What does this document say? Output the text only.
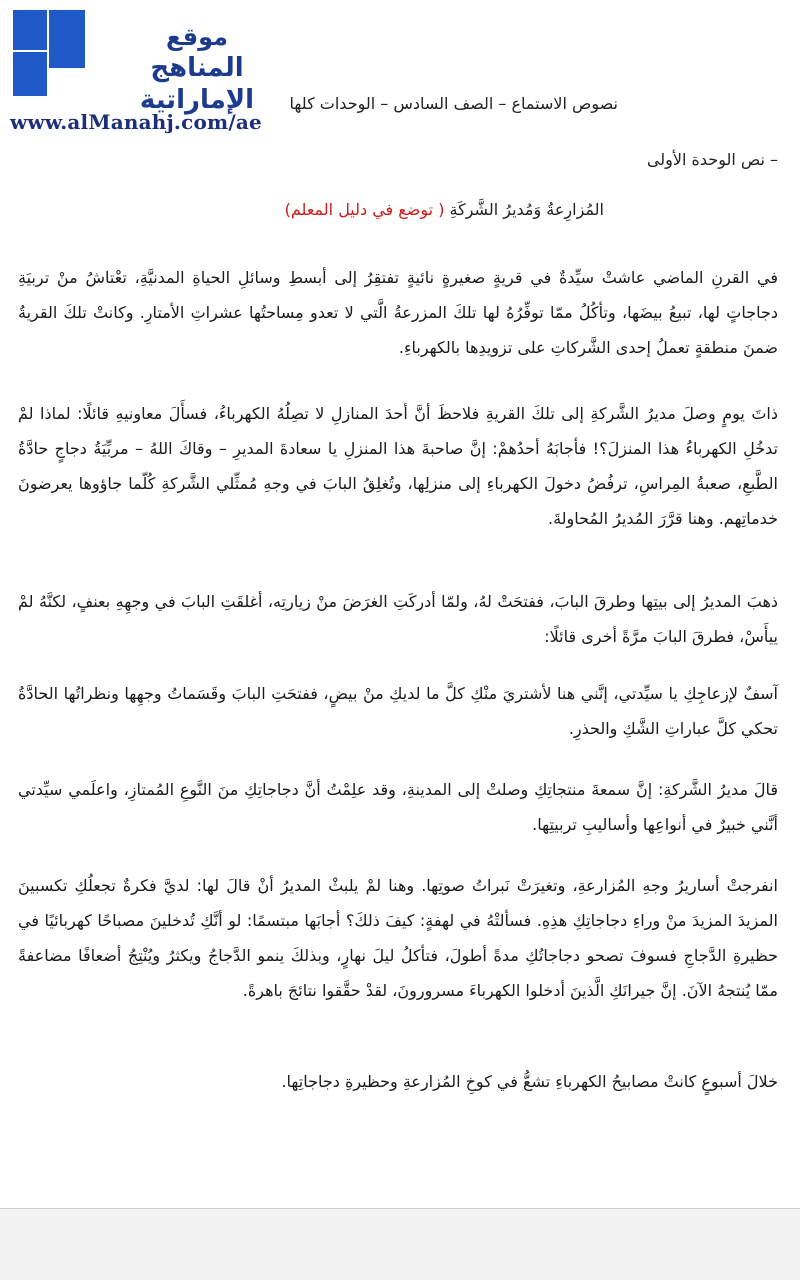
موقع
المناهج الإماراتية
www.alManahj.com/ae
نصوص الاستماع – الصف السادس – الوحدات كلها
– نص الوحدة الأولى
المُزارِعةُ وَمُديرُ الشَّركَةِ ( توضع في دليل المعلم)

في القرنِ الماضي عاشتْ سيِّدةٌ في قريةٍ صغيرةٍ نائيةٍ تفتقِرُ إلى أبسطِ وسائلِ الحياةِ المدنيَّةِ، تعْتاشُ منْ تربيَةِ دجاجاتٍ لها، تبيعُ بيضَها، وتأكُلُ ممّا توفِّرُهُ لها تلكَ المزرعةُ الَّتي لا تعدو مِساحتُها عشراتِ الأمتارِ. وكانتْ تلكَ القريةُ ضمنَ منطقةٍ تعملُ إحدى الشَّركاتِ على تزويدِها بالكهرباءِ.

ذاتَ يومٍ وصلَ مديرُ الشَّركةِ إلى تلكَ القريةِ فلاحظَ أنَّ أحدَ المنازلِ لا تصِلُهُ الكهرباءُ، فسأَلَ معاونيهِ قائلًا: لماذا لمْ تدخُلِ الكهرباءُ هذا المنزلَ؟! فأجابَهُ أحدُهمْ: إنَّ صاحبةَ هذا المنزلِ يا سعادةَ المديرِ – وقاكَ اللهُ – مربِّيَةُ دجاجٍ حادَّةُ الطَّبعِ، صعبةُ المِراسِ، ترفُضُ دخولَ الكهرباءِ إلى منزلِها، وتُغلِقُ البابَ في وجهِ مُمثِّلي الشَّركةِ كُلّما جاؤوها يعرضونَ خدماتِهم. وهنا قرَّرَ المُديرُ المُحاولةَ.

ذهبَ المديرُ إلى بيتِها وطرقَ البابَ، ففتحَتْ لهُ، ولمّا أدركَتِ الغرَضَ منْ زيارتِه، أغلقَتِ البابَ في وجهِهِ بعنفٍ، لكنَّهُ لمْ ييأَسْ، فطرقَ البابَ مرَّةً أخرى قائلًا:

آسفٌ لإزعاجِكِ يا سيِّدتي، إنَّني هنا لأشتريَ منْكِ كلَّ ما لديكِ منْ بيضٍ، ففتحَتِ البابَ وقَسَماتُ وجهِها ونظراتُها الحادَّةُ تحكي كلَّ عباراتِ الشَّكِ والحذرِ.

قالَ مديرُ الشَّركةِ: إنَّ سمعةَ منتجاتِكِ وصلتْ إلى المدينةِ، وقد علِمْتُ أنَّ دجاجاتِكِ منَ النَّوعِ المُمتازِ، واعلَمي سيِّدتي أنَّني خبيرٌ في أنواعِها وأساليبِ تربيتِها.

انفرجتْ أساريرُ وجهِ المُزارعةِ، وتغيرَتْ نَبراتُ صوتِها. وهنا لمْ يلبثْ المديرُ أنْ قالَ لها: لديَّ فكرةٌ تجعلُكِ تكسبينَ المزيدَ المزيدَ منْ وراءِ دجاجاتِكِ هذِهِ. فسألتْهُ في لهفةٍ: كيفَ ذلكَ؟ أجابَها مبتسمًا: لو أنَّكِ تُدخلينَ مصباحًا كهربائيًا في حظيرةِ الدَّجاجِ فسوفَ تصحو دجاجاتُكِ مدةً أطولَ، فتأكلُ ليلَ نهارٍ، وبذلكَ ينمو الدَّجاجُ ويكثرُ ويُنْتِجُ أضعافًا مضاعفةً ممّا يُنتجهُ الآنَ. إنَّ جيرانَكِ الَّذينَ أدخلوا الكهرباءَ مسرورونَ، لقدْ حقَّقوا نتائجَ باهرةً.

خلالَ أسبوعٍ كانتْ مصابيحُ الكهرباءِ تشعُّ في كوخِ المُزارعةِ وحظيرةِ دجاجاتِها.
